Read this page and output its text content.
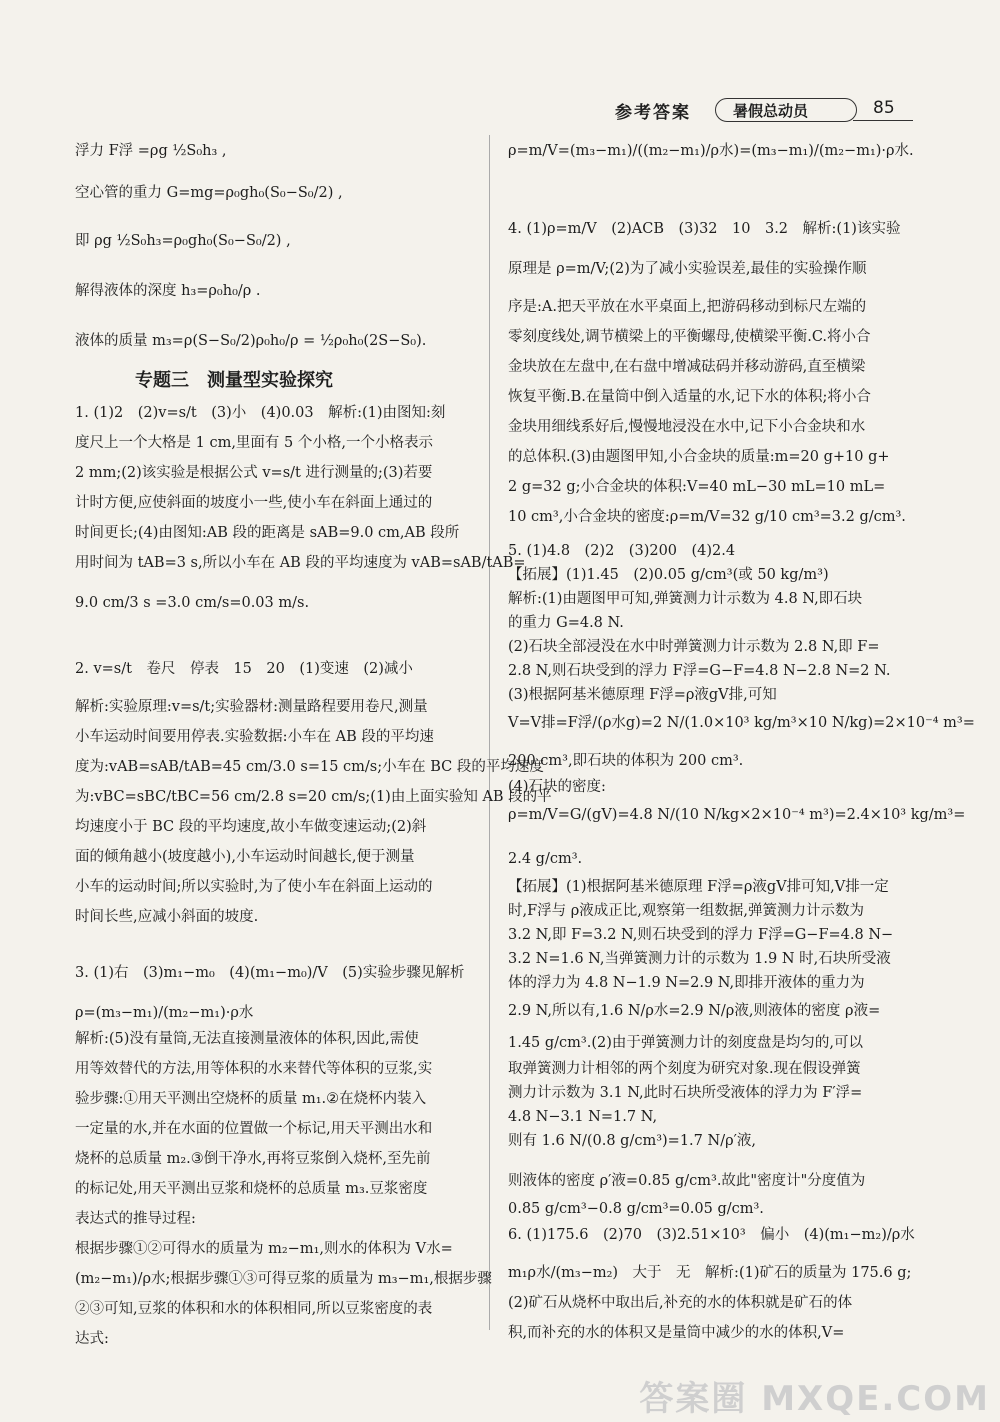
参考答案	暑假总动员	85
浮力 F浮 =ρg ½S₀h₃ ,
空心管的重力 G=mg=ρ₀gh₀(S₀−S₀/2) ,
即 ρg ½S₀h₃=ρ₀gh₀(S₀−S₀/2) ,
解得液体的深度 h₃=ρ₀h₀/ρ .
液体的质量 m₃=ρ(S−S₀/2)ρ₀h₀/ρ = ½ρ₀h₀(2S−S₀).
专题三　测量型实验探究
1. (1)2　(2)v=s/t　(3)小　(4)0.03　解析:(1)由图知:刻
度尺上一个大格是 1 cm,里面有 5 个小格,一个小格表示
2 mm;(2)该实验是根据公式 v=s/t 进行测量的;(3)若要
计时方便,应使斜面的坡度小一些,使小车在斜面上通过的
时间更长;(4)由图知:AB 段的距离是 sAB=9.0 cm,AB 段所
用时间为 tAB=3 s,所以小车在 AB 段的平均速度为 vAB=sAB/tAB=
9.0 cm/3 s =3.0 cm/s=0.03 m/s.
2. v=s/t　卷尺　停表　15　20　(1)变速　(2)减小
解析:实验原理:v=s/t;实验器材:测量路程要用卷尺,测量
小车运动时间要用停表.实验数据:小车在 AB 段的平均速
度为:vAB=sAB/tAB=45 cm/3.0 s=15 cm/s;小车在 BC 段的平均速度
为:vBC=sBC/tBC=56 cm/2.8 s=20 cm/s;(1)由上面实验知 AB 段的平
均速度小于 BC 段的平均速度,故小车做变速运动;(2)斜
面的倾角越小(坡度越小),小车运动时间越长,便于测量
小车的运动时间;所以实验时,为了使小车在斜面上运动的
时间长些,应减小斜面的坡度.
3. (1)右　(3)m₁−m₀　(4)(m₁−m₀)/V　(5)实验步骤见解析
ρ=(m₃−m₁)/(m₂−m₁)·ρ水
解析:(5)没有量筒,无法直接测量液体的体积,因此,需使
用等效替代的方法,用等体积的水来替代等体积的豆浆,实
验步骤:①用天平测出空烧杯的质量 m₁.②在烧杯内装入
一定量的水,并在水面的位置做一个标记,用天平测出水和
烧杯的总质量 m₂.③倒干净水,再将豆浆倒入烧杯,至先前
的标记处,用天平测出豆浆和烧杯的总质量 m₃.豆浆密度
表达式的推导过程:
根据步骤①②可得水的质量为 m₂−m₁,则水的体积为 V水=
(m₂−m₁)/ρ水;根据步骤①③可得豆浆的质量为 m₃−m₁,根据步骤
②③可知,豆浆的体积和水的体积相同,所以豆浆密度的表
达式:
ρ=m/V=(m₃−m₁)/((m₂−m₁)/ρ水)=(m₃−m₁)/(m₂−m₁)·ρ水.
4. (1)ρ=m/V　(2)ACB　(3)32　10　3.2　解析:(1)该实验
原理是 ρ=m/V;(2)为了减小实验误差,最佳的实验操作顺
序是:A.把天平放在水平桌面上,把游码移动到标尺左端的
零刻度线处,调节横梁上的平衡螺母,使横梁平衡.C.将小合
金块放在左盘中,在右盘中增减砝码并移动游码,直至横梁
恢复平衡.B.在量筒中倒入适量的水,记下水的体积;将小合
金块用细线系好后,慢慢地浸没在水中,记下小合金块和水
的总体积.(3)由题图甲知,小合金块的质量:m=20 g+10 g+
2 g=32 g;小合金块的体积:V=40 mL−30 mL=10 mL=
10 cm³,小合金块的密度:ρ=m/V=32 g/10 cm³=3.2 g/cm³.
5. (1)4.8　(2)2　(3)200　(4)2.4
【拓展】(1)1.45　(2)0.05 g/cm³(或 50 kg/m³)
解析:(1)由题图甲可知,弹簧测力计示数为 4.8 N,即石块
的重力 G=4.8 N.
(2)石块全部浸没在水中时弹簧测力计示数为 2.8 N,即 F=
2.8 N,则石块受到的浮力 F浮=G−F=4.8 N−2.8 N=2 N.
(3)根据阿基米德原理 F浮=ρ液gV排,可知
V=V排=F浮/(ρ水g)=2 N/(1.0×10³ kg/m³×10 N/kg)=2×10⁻⁴ m³=
200 cm³,即石块的体积为 200 cm³.
(4)石块的密度:
ρ=m/V=G/(gV)=4.8 N/(10 N/kg×2×10⁻⁴ m³)=2.4×10³ kg/m³=
2.4 g/cm³.
【拓展】(1)根据阿基米德原理 F浮=ρ液gV排可知,V排一定
时,F浮与 ρ液成正比,观察第一组数据,弹簧测力计示数为
3.2 N,即 F=3.2 N,则石块受到的浮力 F浮=G−F=4.8 N−
3.2 N=1.6 N,当弹簧测力计的示数为 1.9 N 时,石块所受液
体的浮力为 4.8 N−1.9 N=2.9 N,即排开液体的重力为
2.9 N,所以有,1.6 N/ρ水=2.9 N/ρ液,则液体的密度 ρ液=
1.45 g/cm³.(2)由于弹簧测力计的刻度盘是均匀的,可以
取弹簧测力计相邻的两个刻度为研究对象.现在假设弹簧
测力计示数为 3.1 N,此时石块所受液体的浮力为 F′浮=
4.8 N−3.1 N=1.7 N,
则有 1.6 N/(0.8 g/cm³)=1.7 N/ρ′液,
则液体的密度 ρ′液=0.85 g/cm³.故此"密度计"分度值为
0.85 g/cm³−0.8 g/cm³=0.05 g/cm³.
6. (1)175.6　(2)70　(3)2.51×10³　偏小　(4)(m₁−m₂)/ρ水
m₁ρ水/(m₃−m₂)　大于　无　解析:(1)矿石的质量为 175.6 g;
(2)矿石从烧杯中取出后,补充的水的体积就是矿石的体
积,而补充的水的体积又是量筒中减少的水的体积,V=
答案圈 MXQE.COM
